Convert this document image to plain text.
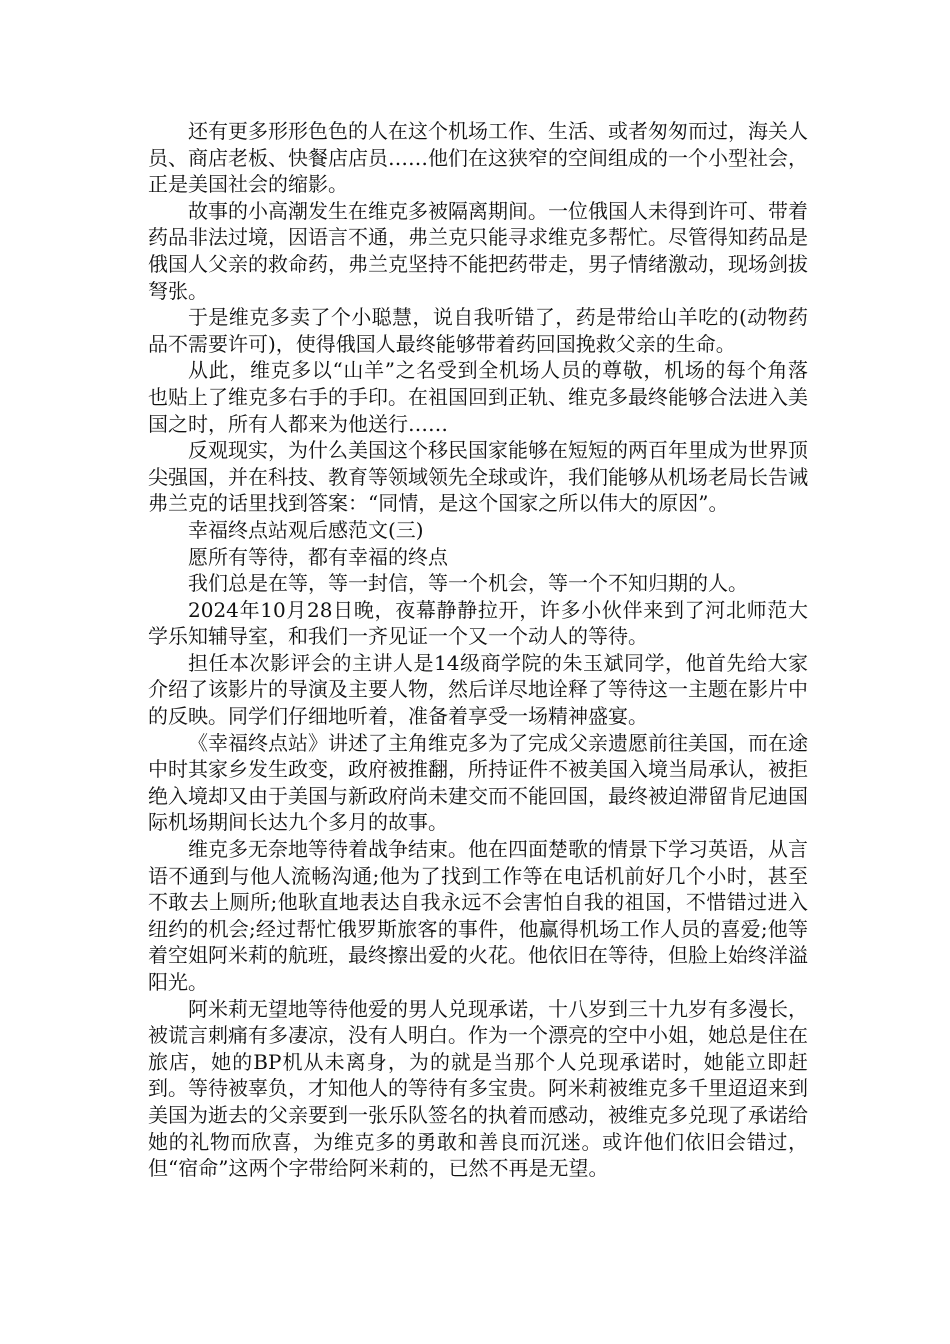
还有更多形形色色的人在这个机场工作、生活、或者匆匆而过，海关人员、商店老板、快餐店店员……他们在这狭窄的空间组成的一个小型社会，正是美国社会的缩影。

故事的小高潮发生在维克多被隔离期间。一位俄国人未得到许可、带着药品非法过境，因语言不通，弗兰克只能寻求维克多帮忙。尽管得知药品是俄国人父亲的救命药，弗兰克坚持不能把药带走，男子情绪激动，现场剑拔弩张。

于是维克多卖了个小聪慧，说自我听错了，药是带给山羊吃的(动物药品不需要许可)，使得俄国人最终能够带着药回国挽救父亲的生命。

从此，维克多以“山羊”之名受到全机场人员的尊敬，机场的每个角落也贴上了维克多右手的手印。在祖国回到正轨、维克多最终能够合法进入美国之时，所有人都来为他送行……

反观现实，为什么美国这个移民国家能够在短短的两百年里成为世界顶尖强国，并在科技、教育等领域领先全球或许，我们能够从机场老局长告诫弗兰克的话里找到答案：“同情，是这个国家之所以伟大的原因”。

幸福终点站观后感范文(三)

愿所有等待，都有幸福的终点

我们总是在等，等一封信，等一个机会，等一个不知归期的人。

2024年10月28日晚，夜幕静静拉开，许多小伙伴来到了河北师范大学乐知辅导室，和我们一齐见证一个又一个动人的等待。

担任本次影评会的主讲人是14级商学院的朱玉斌同学，他首先给大家介绍了该影片的导演及主要人物，然后详尽地诠释了等待这一主题在影片中的反映。同学们仔细地听着，准备着享受一场精神盛宴。

《幸福终点站》讲述了主角维克多为了完成父亲遗愿前往美国，而在途中时其家乡发生政变，政府被推翻，所持证件不被美国入境当局承认，被拒绝入境却又由于美国与新政府尚未建交而不能回国，最终被迫滞留肯尼迪国际机场期间长达九个多月的故事。

维克多无奈地等待着战争结束。他在四面楚歌的情景下学习英语，从言语不通到与他人流畅沟通;他为了找到工作等在电话机前好几个小时，甚至不敢去上厕所;他耿直地表达自我永远不会害怕自我的祖国，不惜错过进入纽约的机会;经过帮忙俄罗斯旅客的事件，他赢得机场工作人员的喜爱;他等着空姐阿米莉的航班，最终擦出爱的火花。他依旧在等待，但脸上始终洋溢阳光。

阿米莉无望地等待他爱的男人兑现承诺，十八岁到三十九岁有多漫长，被谎言刺痛有多凄凉，没有人明白。作为一个漂亮的空中小姐，她总是住在旅店，她的BP机从未离身，为的就是当那个人兑现承诺时，她能立即赶到。等待被辜负，才知他人的等待有多宝贵。阿米莉被维克多千里迢迢来到美国为逝去的父亲要到一张乐队签名的执着而感动，被维克多兑现了承诺给她的礼物而欣喜，为维克多的勇敢和善良而沉迷。或许他们依旧会错过，但“宿命”这两个字带给阿米莉的，已然不再是无望。
